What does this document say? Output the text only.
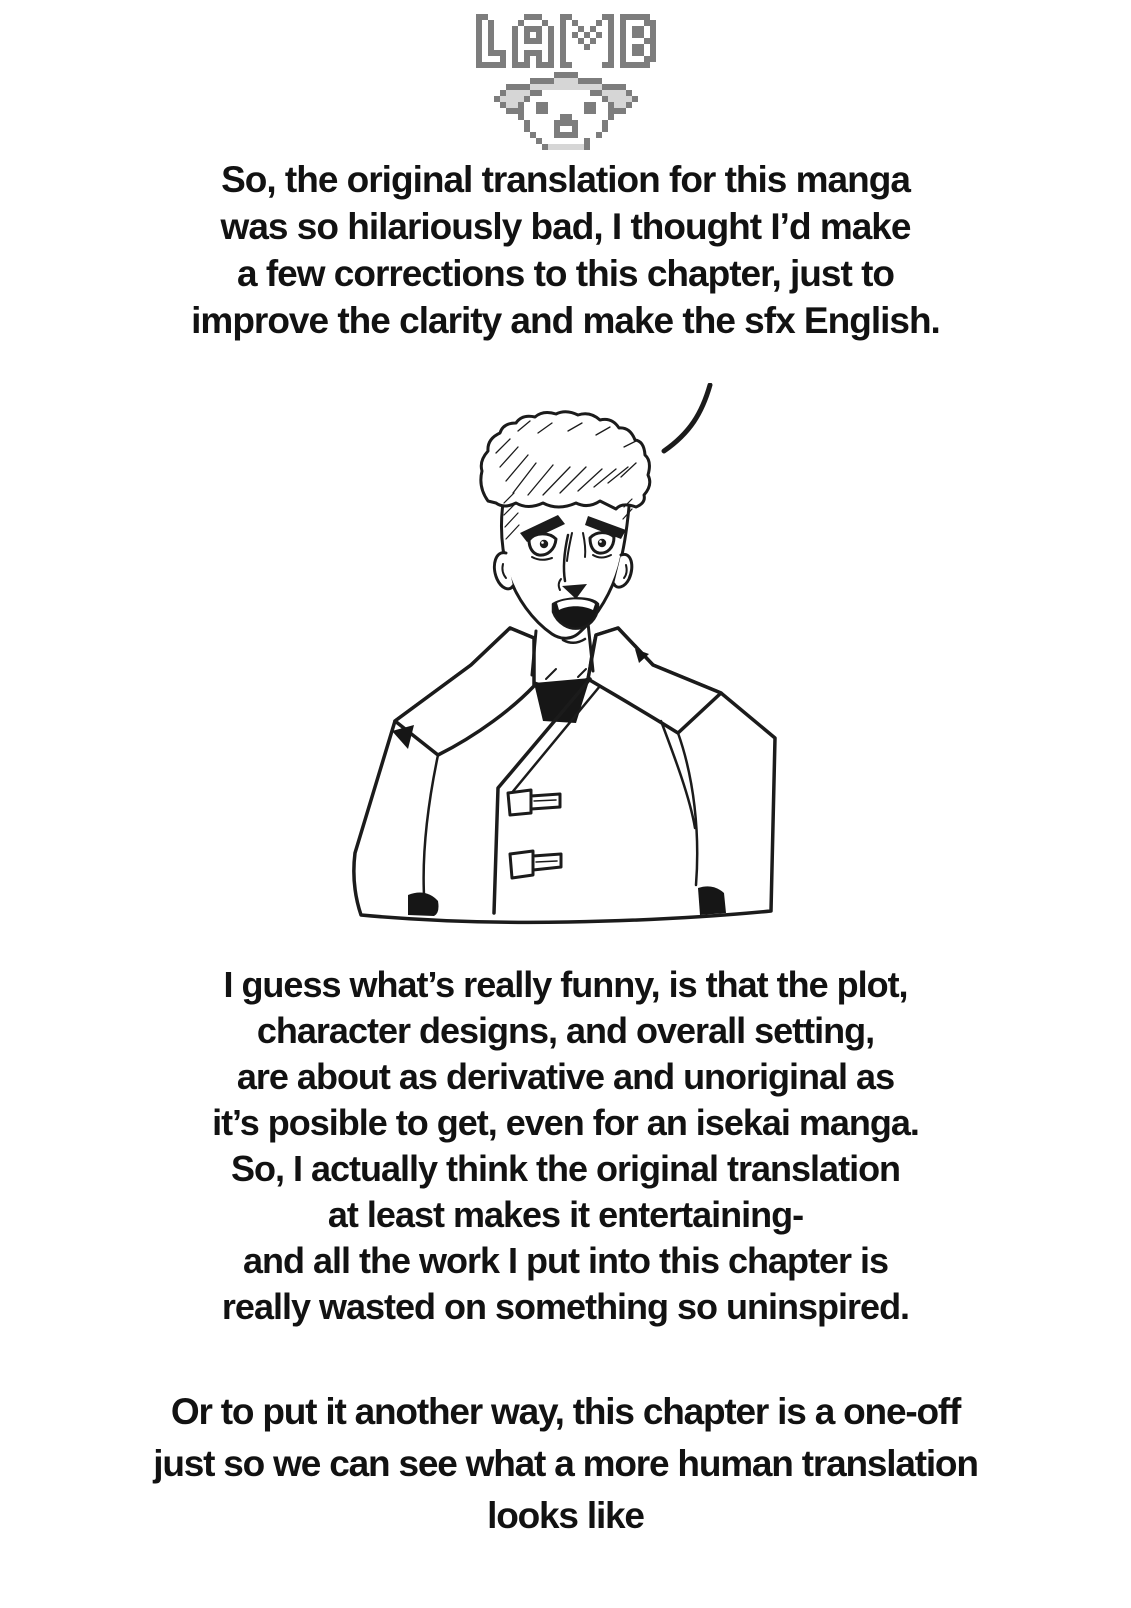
So, the original translation for this manga
was so hilariously bad, I thought I’d make
a few corrections to this chapter, just to
improve the clarity and make the sfx English.
I guess what’s really funny, is that the plot,
character designs, and overall setting,
are about as derivative and unoriginal as
it’s posible to get, even for an isekai manga.
So, I actually think the original translation
at least makes it entertaining-
and all the work I put into this chapter is
really wasted on something so uninspired.
Or to put it another way, this chapter is a one-off
just so we can see what a more human translation
looks like
